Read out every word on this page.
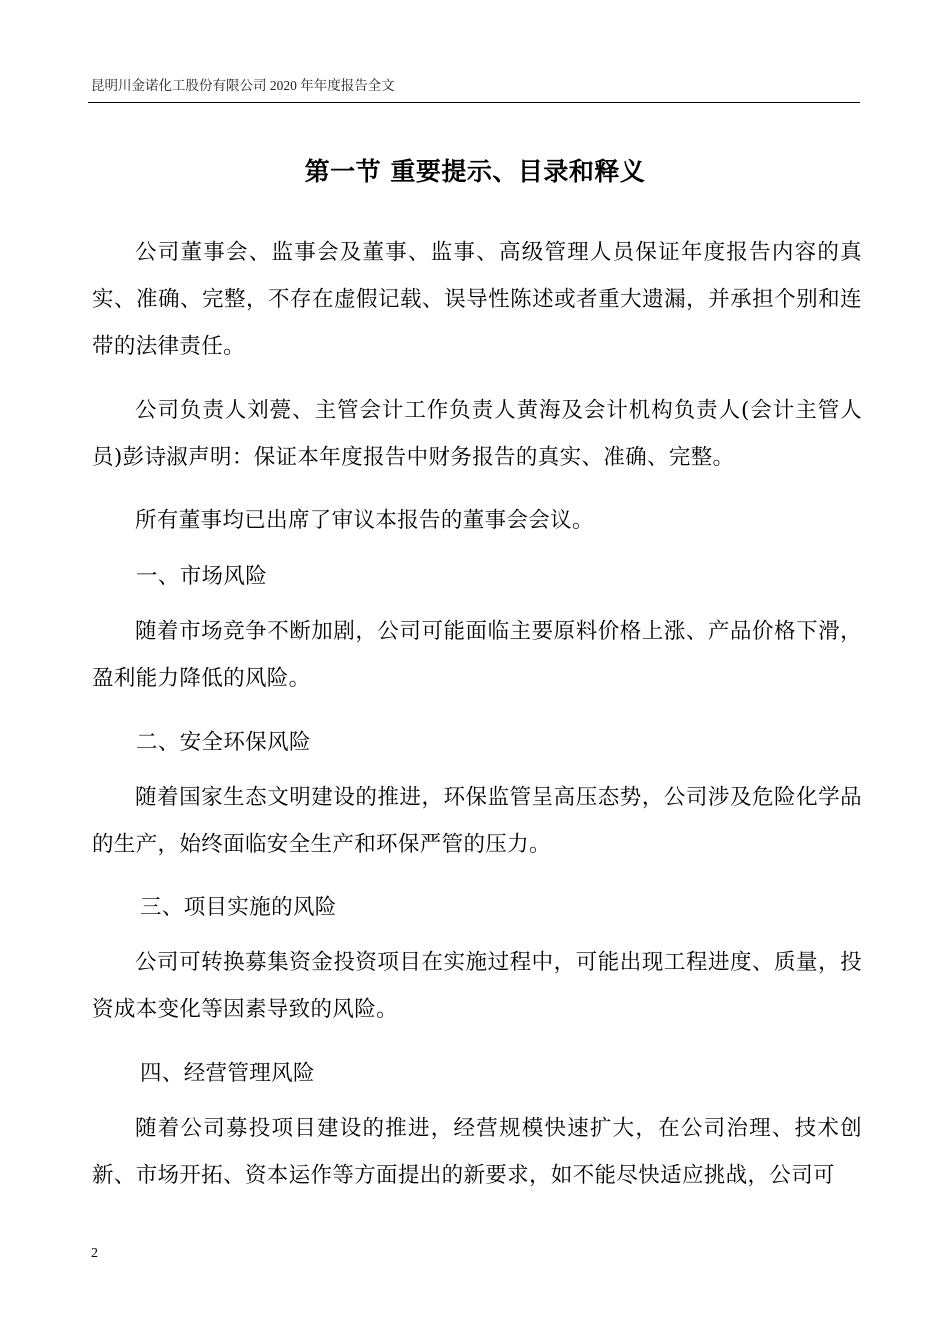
昆明川金诺化工股份有限公司 2020 年年度报告全文
第一节 重要提示、目录和释义

公司董事会、监事会及董事、监事、高级管理人员保证年度报告内容的真实、准确、完整，不存在虚假记载、误导性陈述或者重大遗漏，并承担个别和连带的法律责任。

公司负责人刘甍、主管会计工作负责人黄海及会计机构负责人(会计主管人员)彭诗淑声明：保证本年度报告中财务报告的真实、准确、完整。

所有董事均已出席了审议本报告的董事会会议。

一、市场风险

随着市场竞争不断加剧，公司可能面临主要原料价格上涨、产品价格下滑，盈利能力降低的风险。

二、安全环保风险

随着国家生态文明建设的推进，环保监管呈高压态势，公司涉及危险化学品的生产，始终面临安全生产和环保严管的压力。

三、项目实施的风险

公司可转换募集资金投资项目在实施过程中，可能出现工程进度、质量，投资成本变化等因素导致的风险。

四、经营管理风险

随着公司募投项目建设的推进，经营规模快速扩大，在公司治理、技术创新、市场开拓、资本运作等方面提出的新要求，如不能尽快适应挑战，公司可

2
